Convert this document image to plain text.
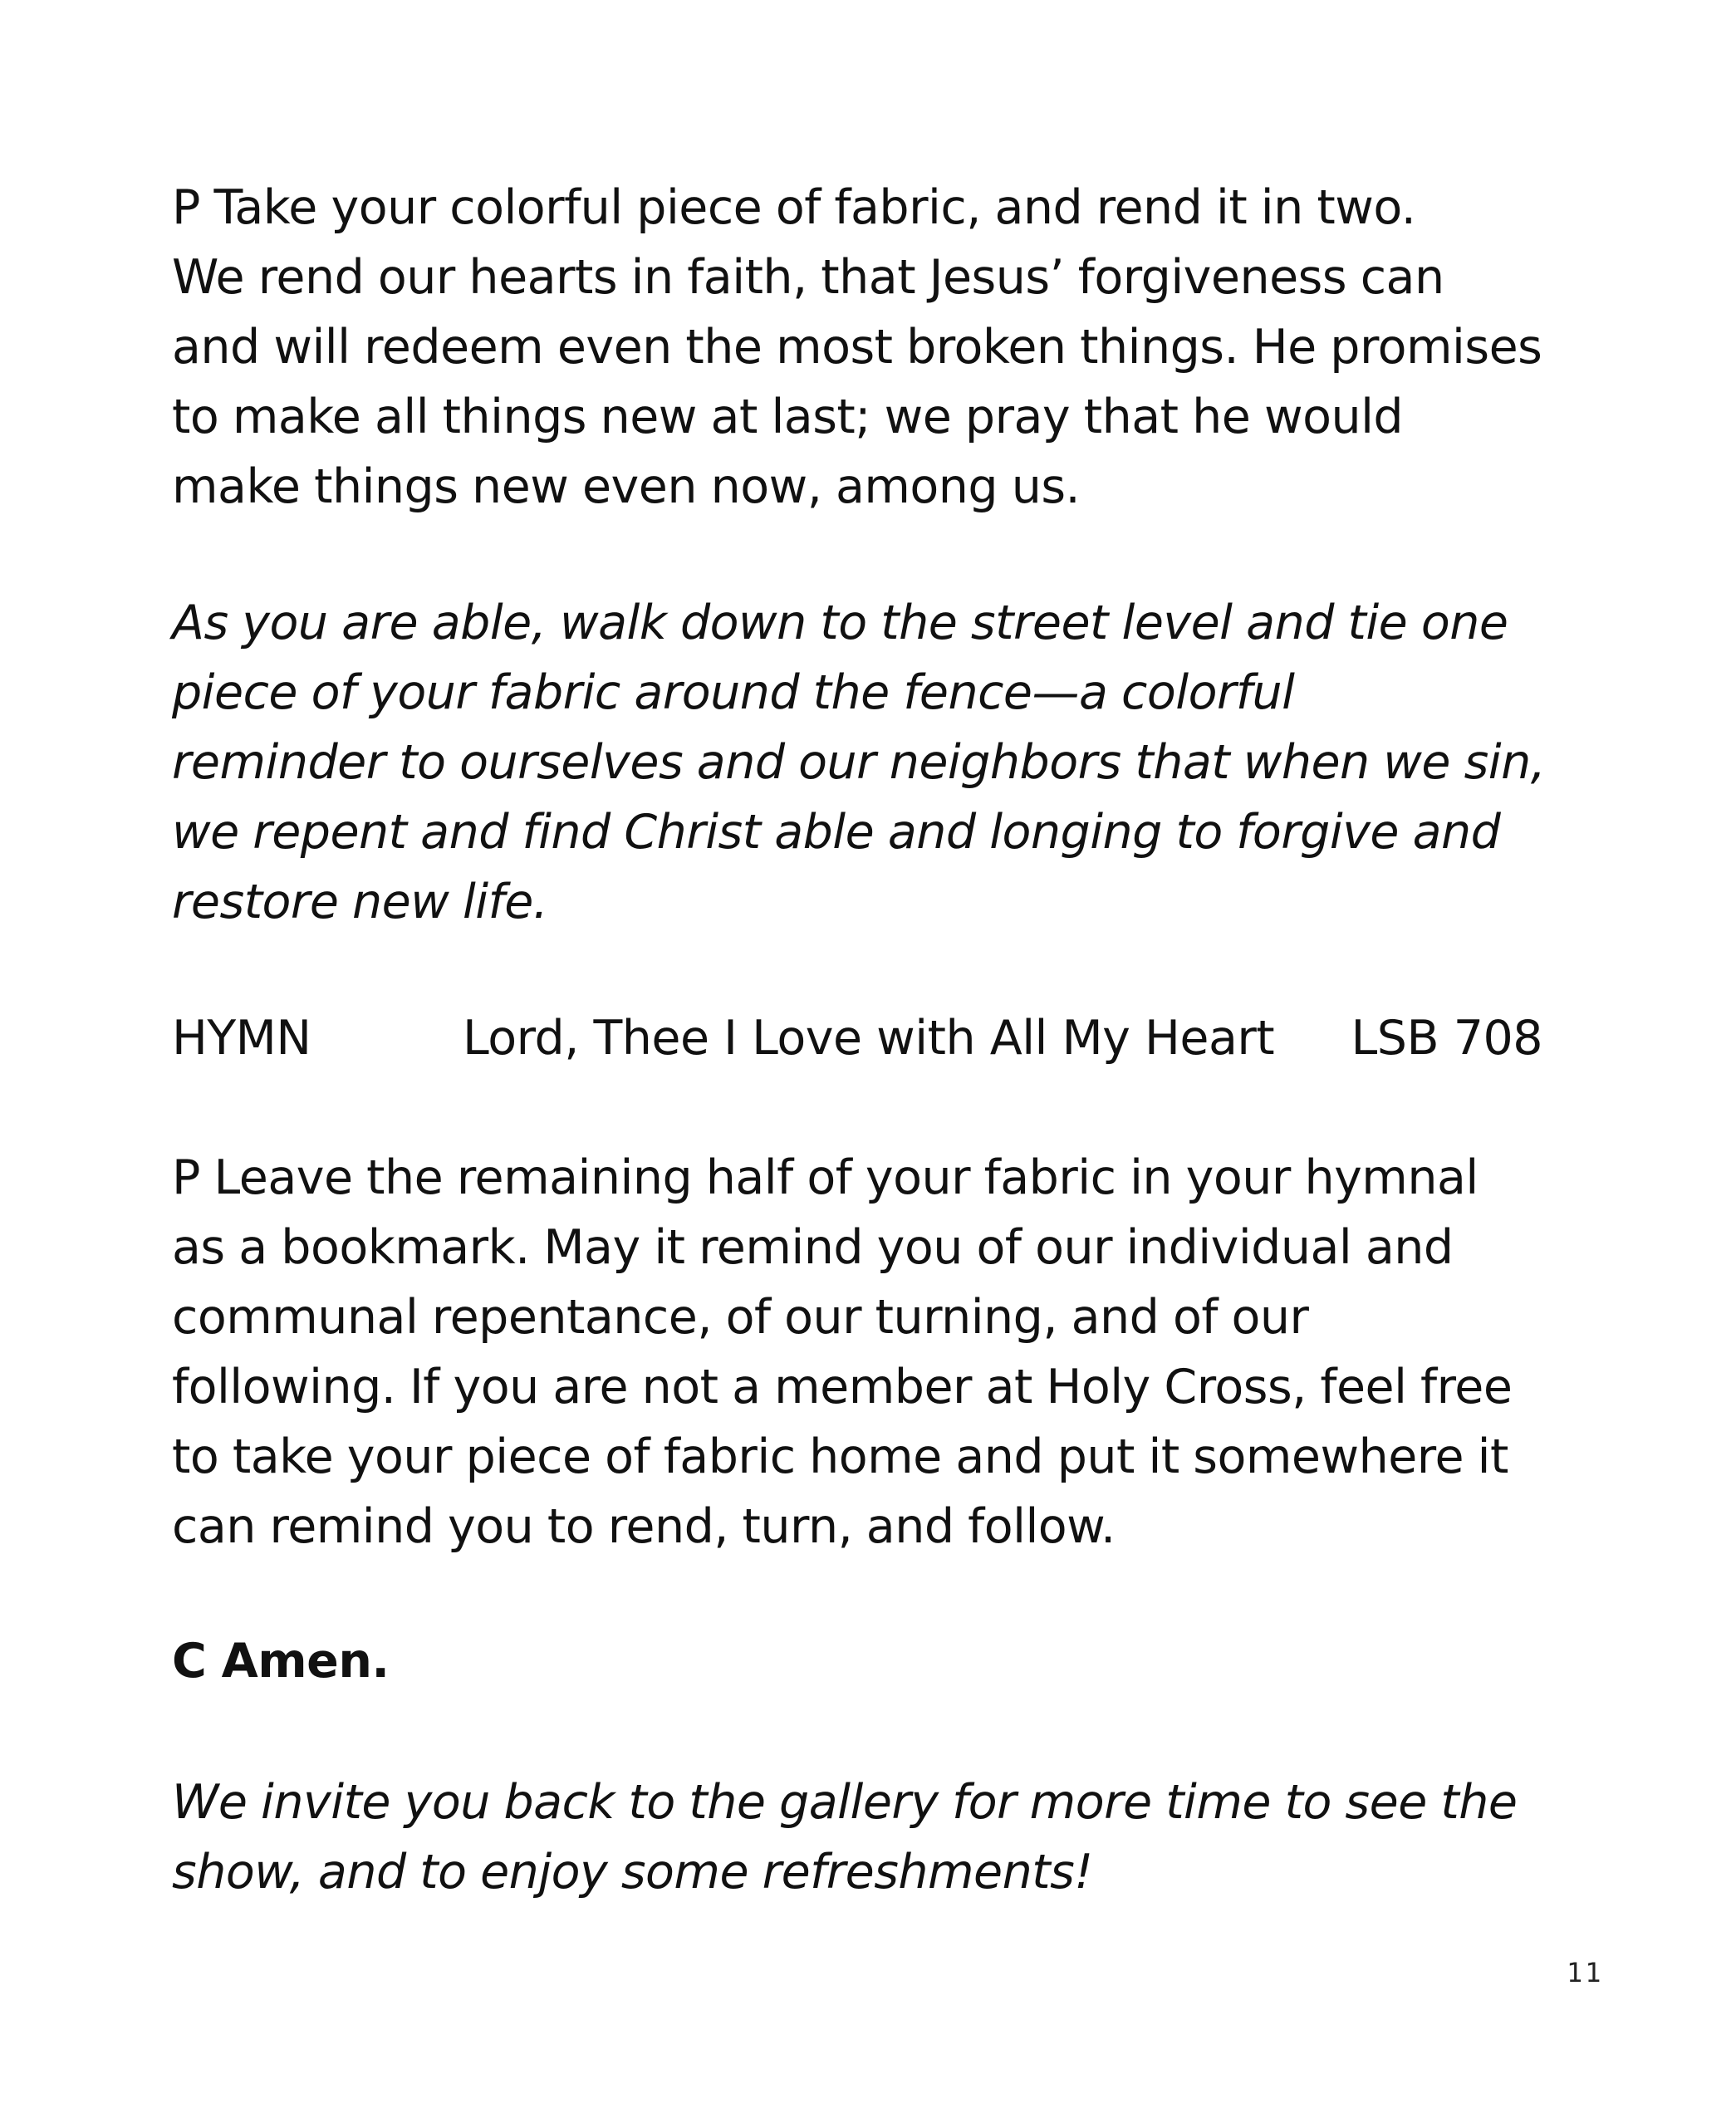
P Take your colorful piece of fabric, and rend it in two.
We rend our hearts in faith, that Jesus’ forgiveness can
and will redeem even the most broken things. He promises
to make all things new at last; we pray that he would
make things new even now, among us.
As you are able, walk down to the street level and tie one
piece of your fabric around the fence—a colorful
reminder to ourselves and our neighbors that when we sin,
we repent and find Christ able and longing to forgive and
restore new life.
HYMN	Lord, Thee I Love with All My Heart LSB 708
P Leave the remaining half of your fabric in your hymnal
as a bookmark. May it remind you of our individual and
communal repentance, of our turning, and of our
following. If you are not a member at Holy Cross, feel free
to take your piece of fabric home and put it somewhere it
can remind you to rend, turn, and follow.
C Amen.
We invite you back to the gallery for more time to see the
show, and to enjoy some refreshments!
11
